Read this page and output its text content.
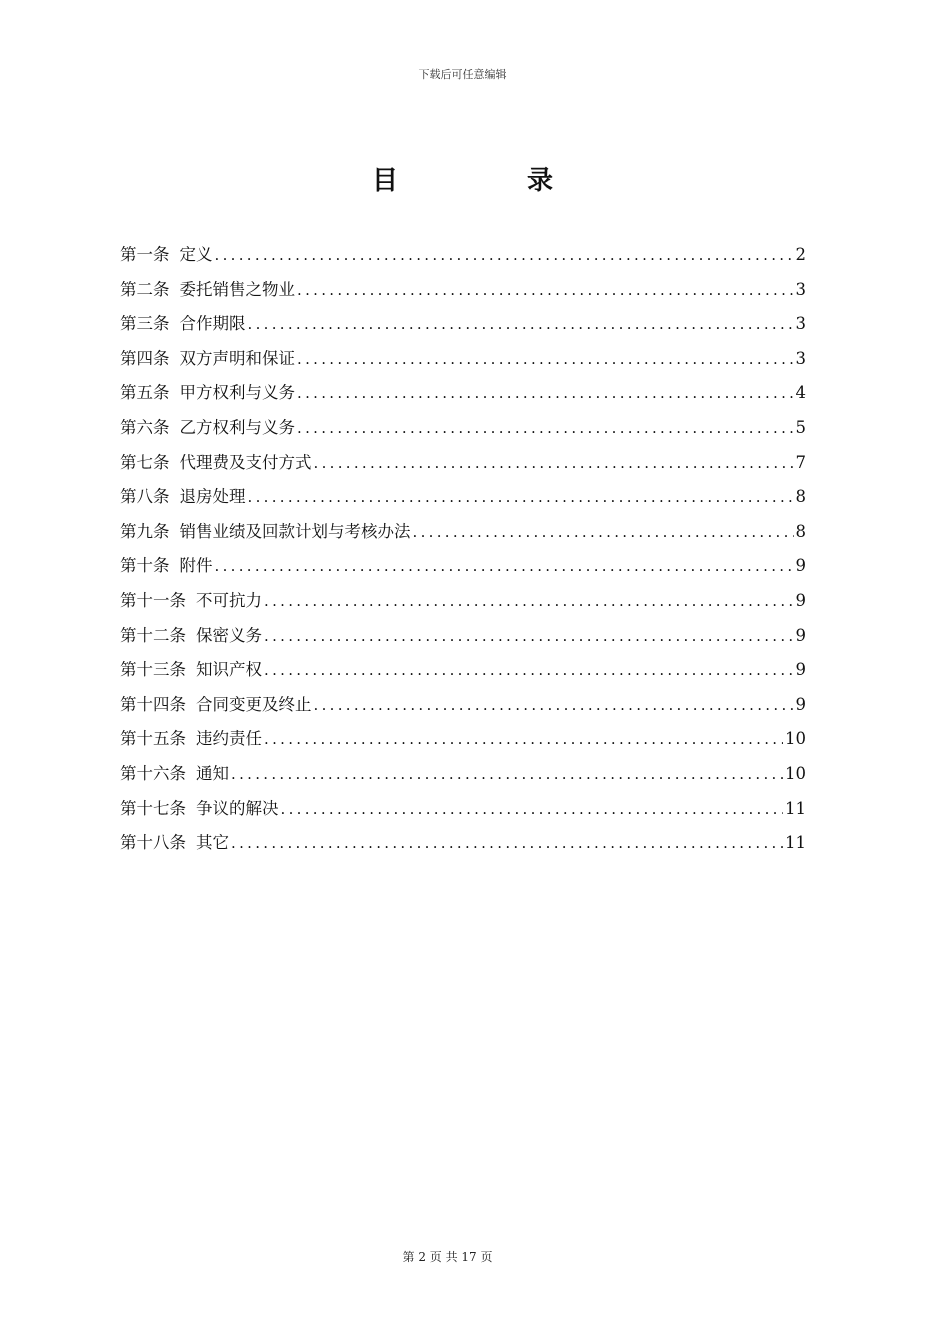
下载后可任意编辑
目 录
第一条 定义 .....	2
第二条 委托销售之物业 .....	3
第三条 合作期限 .....	3
第四条 双方声明和保证 .....	3
第五条 甲方权利与义务 .....	4
第六条 乙方权利与义务 .....	5
第七条 代理费及支付方式 .....	7
第八条 退房处理 .....	8
第九条 销售业绩及回款计划与考核办法 .....	8
第十条 附件 .....	9
第十一条 不可抗力 .....	9
第十二条 保密义务 .....	9
第十三条 知识产权 .....	9
第十四条 合同变更及终止 .....	9
第十五条 违约责任 .....	10
第十六条 通知 .....	10
第十七条 争议的解决 .....	11
第十八条 其它 .....	11
第 2 页 共 17 页
